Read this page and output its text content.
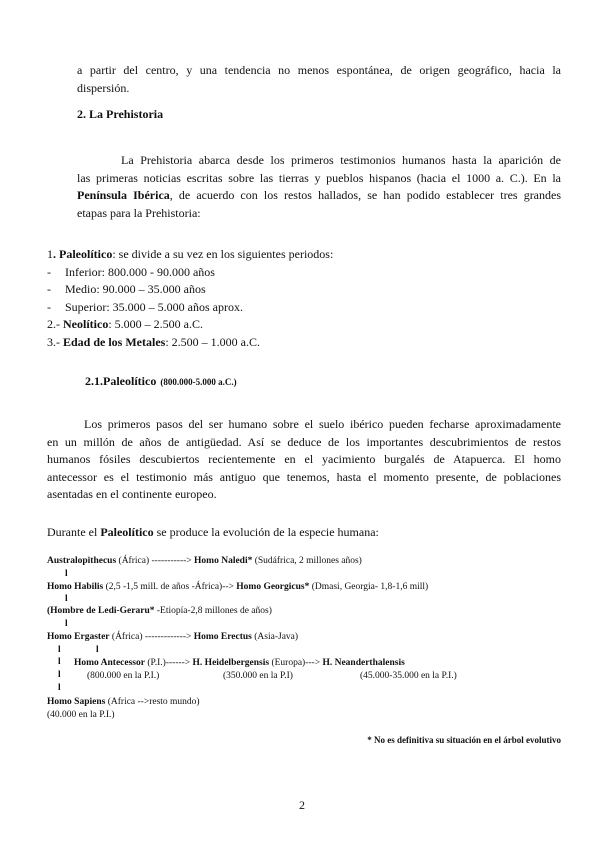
a partir del centro, y una tendencia no menos espontánea, de origen geográfico, hacia la
dispersión.
2. La Prehistoria
La Prehistoria abarca desde los primeros testimonios humanos hasta la aparición de
las primeras noticias escritas sobre las tierras y pueblos hispanos (hacia el 1000 a. C.). En la
Península Ibérica, de acuerdo con los restos hallados, se han podido establecer tres grandes
etapas para la Prehistoria:
1. Paleolítico: se divide a su vez en los siguientes periodos:
- Inferior: 800.000 - 90.000 años
- Medio: 90.000 – 35.000 años
- Superior: 35.000 – 5.000 años aprox.
2.- Neolítico: 5.000 – 2.500 a.C.
3.- Edad de los Metales: 2.500 – 1.000 a.C.
2.1.Paleolítico (800.000-5.000 a.C.)
Los primeros pasos del ser humano sobre el suelo ibérico pueden fecharse aproximadamente
en un millón de años de antigüedad. Así se deduce de los importantes descubrimientos de restos
humanos fósiles descubiertos recientemente en el yacimiento burgalés de Atapuerca. El homo
antecessor es el testimonio más antiguo que tenemos, hasta el momento presente, de poblaciones
asentadas en el continente europeo.
Durante el Paleolítico se produce la evolución de la especie humana:
Australopithecus (África) -----------> Homo Naledi* (Sudáfrica, 2 millones años)
l
Homo Habilis (2,5 -1,5 mill. de años -África)--> Homo Georgicus* (Dmasi, Georgia- 1,8-1,6 mill)
l
(Hombre de Ledi-Geraru* -Etiopía-2,8 millones de años)
l
Homo Ergaster (África) -------------> Homo Erectus (Asia-Java)
l	l
l Homo Antecessor (P.I.)------> H. Heidelbergensis (Europa)---> H. Neanderthalensis
l	(800.000 en la P.I.)	(350.000 en la P.I)	(45.000-35.000 en la P.I.)
l
Homo Sapiens (Africa -->resto mundo)
(40.000 en la P.I.)
* No es definitiva su situación en el árbol evolutivo
2
